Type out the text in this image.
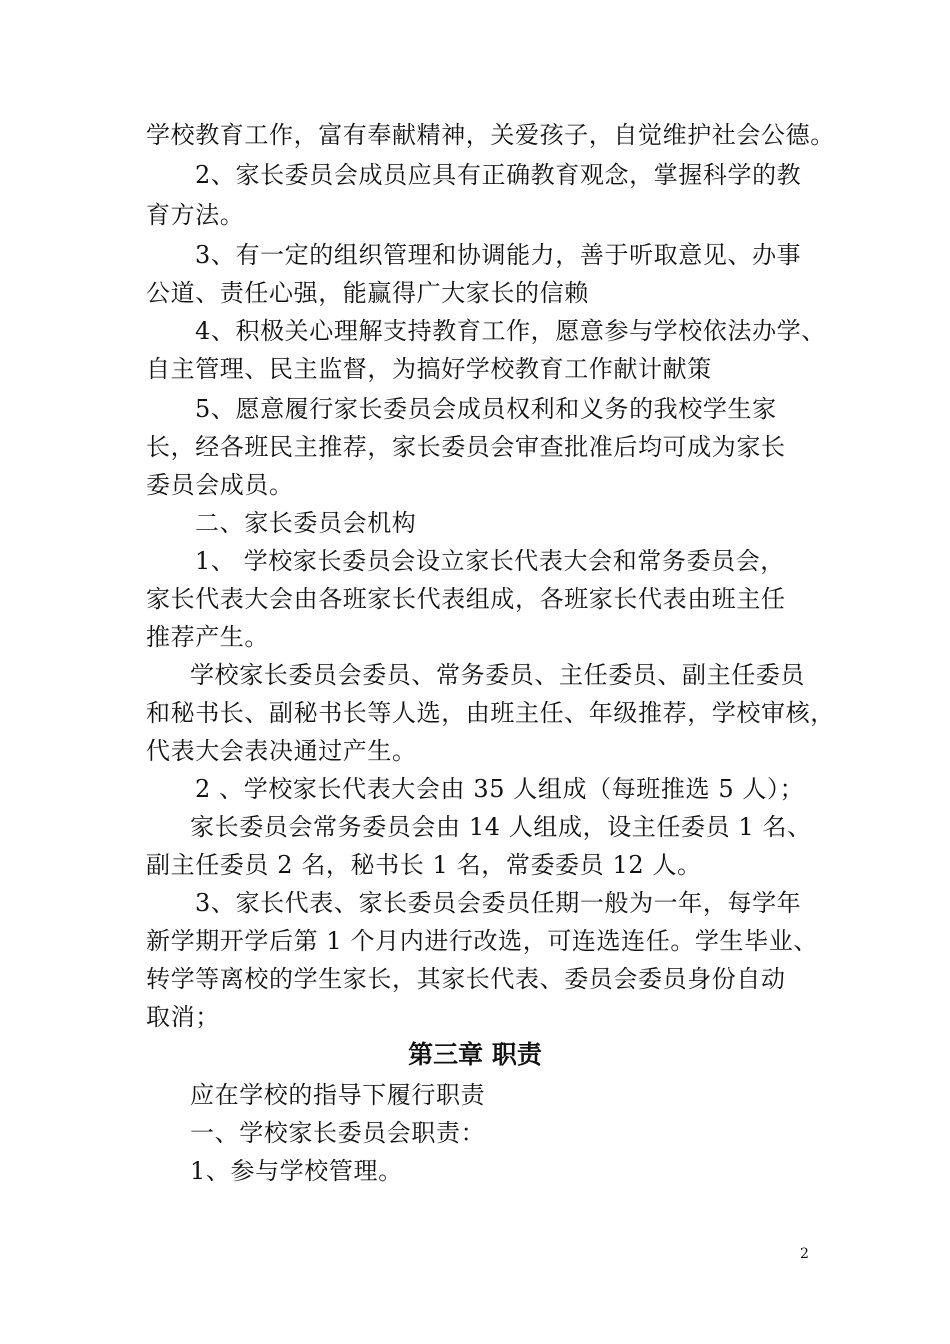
学校教育工作，富有奉献精神，关爱孩子，自觉维护社会公德。
2、家长委员会成员应具有正确教育观念，掌握科学的教
育方法。
3、有一定的组织管理和协调能力，善于听取意见、办事
公道、责任心强，能赢得广大家长的信赖
4、积极关心理解支持教育工作，愿意参与学校依法办学、
自主管理、民主监督，为搞好学校教育工作献计献策
5、愿意履行家长委员会成员权利和义务的我校学生家
长，经各班民主推荐，家长委员会审查批准后均可成为家长
委员会成员。
二、家长委员会机构
1、 学校家长委员会设立家长代表大会和常务委员会，
家长代表大会由各班家长代表组成，各班家长代表由班主任
推荐产生。
学校家长委员会委员、常务委员、主任委员、副主任委员
和秘书长、副秘书长等人选，由班主任、年级推荐，学校审核，
代表大会表决通过产生。
2 、学校家长代表大会由 35 人组成（每班推选 5 人）；
家长委员会常务委员会由 14 人组成，设主任委员 1 名、
副主任委员 2 名，秘书长 1 名，常委委员 12 人。
3、家长代表、家长委员会委员任期一般为一年，每学年
新学期开学后第 1 个月内进行改选，可连选连任。学生毕业、
转学等离校的学生家长，其家长代表、委员会委员身份自动
取消；
第三章 职责
应在学校的指导下履行职责
一、学校家长委员会职责：
1、参与学校管理。
2
